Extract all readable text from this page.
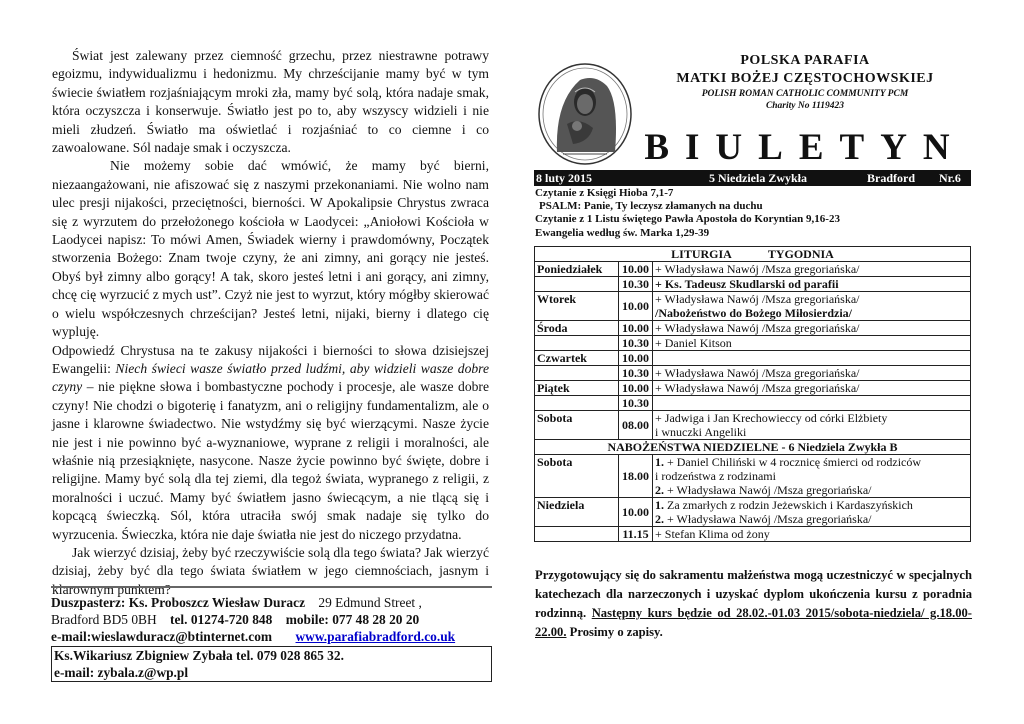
Świat jest zalewany przez ciemność grzechu, przez niestrawne potrawy egoizmu, indywidualizmu i hedonizmu. My chrześcijanie mamy być w tym świecie światłem rozjaśniającym mroki zła, mamy być solą, która nadaje smak, która oczyszcza i konserwuje. Światło jest po to, aby wszyscy widzieli i nie mieli złudzeń. Światło ma oświetlać i rozjaśniać to co ciemne i co zawoalowane. Sól nadaje smak i oczyszcza.

Nie możemy sobie dać wmówić, że mamy być bierni, niezaangażowani, nie afiszować się z naszymi przekonaniami. Nie wolno nam ulec presji nijakości, przeciętności, bierności. W Apokalipsie Chrystus zwraca się z wyrzutem do przełożonego kościoła w Laodycei: „Aniołowi Kościoła w Laodycei napisz: To mówi Amen, Świadek wierny i prawdomówny, Początek stworzenia Bożego: Znam twoje czyny, że ani zimny, ani gorący nie jesteś. Obyś był zimny albo gorący! A tak, skoro jesteś letni i ani gorący, ani zimny, chcę cię wyrzucić z mych ust”. Czyż nie jest to wyrzut, który mógłby skierować o wielu współczesnych chrześcijan? Jesteś letni, nijaki, bierny i dlatego cię wypluję.

Odpowiedź Chrystusa na te zakusy nijakości i bierności to słowa dzisiejszej Ewangelii: Niech świeci wasze światło przed ludźmi, aby widzieli wasze dobre czyny – nie piękne słowa i bombastyczne pochody i procesje, ale wasze dobre czyny! Nie chodzi o bigoterię i fanatyzm, ani o religijny fundamentalizm, ale o jasne i klarowne świadectwo. Nie wstydźmy się być wierzącymi. Nasze życie nie jest i nie powinno być a-wyznaniowe, wyprane z religii i moralności, ale właśnie nią przesiąknięte, nasycone. Nasze życie powinno być święte, dobre i religijne. Mamy być solą dla tej ziemi, dla tegoż świata, wypranego z religii, z moralności i uczuć. Mamy być światłem jasno świecącym, a nie tlącą się i kopcącą świeczką. Sól, która utraciła swój smak nadaje się tylko do wyrzucenia. Świeczka, która nie daje światła nie jest do niczego przydatna.

Jak wierzyć dzisiaj, żeby być rzeczywiście solą dla tego świata? Jak wierzyć dzisiaj, żeby być dla tego świata światłem w jego ciemnościach, jasnym i klarownym punktem?

Duszpasterz: Ks. Proboszcz Wiesław Duracz 29 Edmund Street ,
Bradford BD5 0BH tel. 01274-720 848 mobile: 077 48 28 20 20
e-mail:wieslawduracz@btinternet.com www.parafiabradford.co.uk
Ks.Wikariusz Zbigniew Zybała tel. 079 028 865 32.
e-mail: zybala.z@wp.pl
POLSKA PARAFIA
MATKI BOŻEJ CZĘSTOCHOWSKIEJ
POLISH ROMAN CATHOLIC COMMUNITY PCM
Charity No 1119423
BIULETYN
8 luty 2015	5 Niedziela Zwykła	Bradford Nr.6
Czytanie z Księgi Hioba 7,1-7
PSALM: Panie, Ty leczysz złamanych na duchu
Czytanie z 1 Listu świętego Pawła Apostoła do Koryntian 9,16-23
Ewangelia według św. Marka 1,29-39
LITURGIA TYGODNIA		
Poniedziałek	10.00	+ Władysława Nawój /Msza gregoriańska/
	10.30	+ Ks. Tadeusz Skudlarski od parafii
Wtorek	10.00	+ Władysława Nawój /Msza gregoriańska/
/Nabożeństwo do Bożego Miłosierdzia/

Środa	10.00	+ Władysława Nawój /Msza gregoriańska/
	10.30	+ Daniel Kitson
Czwartek	10.00	
	10.30	+ Władysława Nawój /Msza gregoriańska/
Piątek	10.00	+ Władysława Nawój /Msza gregoriańska/
	10.30	
Sobota	08.00	+ Jadwiga i Jan Krechowieccy od córki Elżbiety
i wnuczki Angeliki

NABOŻEŃSTWA NIEDZIELNE - 6 Niedziela Zwykła B		
Sobota	18.00	1. + Daniel Chiliński w 4 rocznicę śmierci od rodziców
i rodzeństwa z rodzinami
2. + Władysława Nawój /Msza gregoriańska/

Niedziela	10.00	1. Za zmarłych z rodzin Jeżewskich i Kardaszyńskich
2. + Władysława Nawój /Msza gregoriańska/

	11.15	+ Stefan Klima od żony
Przygotowujący się do sakramentu małżeństwa mogą uczestniczyć w specjalnych katechezach dla narzeczonych i uzyskać dyplom ukończenia kursu z poradnia rodzinną. Następny kurs będzie od 28.02.-01.03 2015/sobota-niedziela/ g.18.00-22.00. Prosimy o zapisy.
